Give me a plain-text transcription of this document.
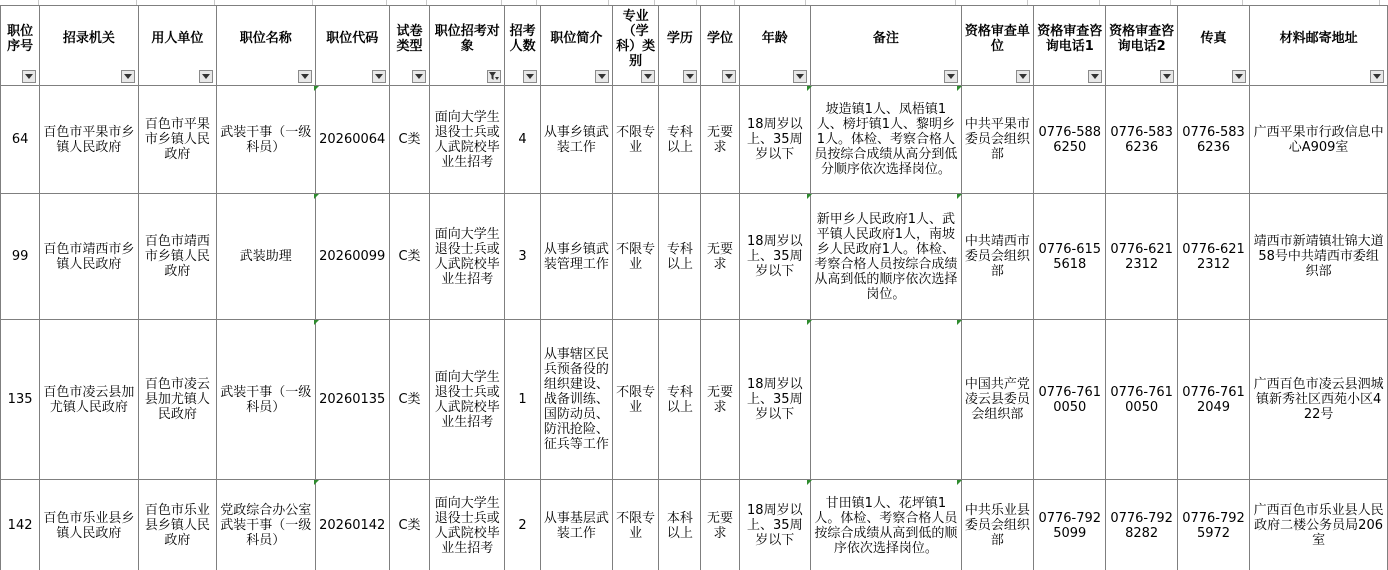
职位序号	招录机关	用人单位	职位名称	职位代码	试卷类型	职位招考对象	招考人数	职位简介	专业（学科）类别	学历	学位	年龄	备注	资格审查单位	资格审查咨询电话1	资格审查咨询电话2	传真	材料邮寄地址

64	百色市平果市乡镇人民政府	百色市平果市乡镇人民政府	武装干事（一级科员）	20260064	C类	面向大学生退役士兵或人武院校毕业生招考	4	从事乡镇武装工作	不限专业	专科以上	无要求	18周岁以上、35周岁以下	坡造镇1人、凤梧镇1人、榜圩镇1人、黎明乡1人。体检、考察合格人员按综合成绩从高分到低分顺序依次选择岗位。	中共平果市委员会组织部	0776-5886250	0776-5836236	0776-5836236	广西平果市行政信息中心A909室

99	百色市靖西市乡镇人民政府	百色市靖西市乡镇人民政府	武装助理	20260099	C类	面向大学生退役士兵或人武院校毕业生招考	3	从事乡镇武装管理工作	不限专业	专科以上	无要求	18周岁以上、35周岁以下	新甲乡人民政府1人、武平镇人民政府1人，南坡乡人民政府1人。体检、考察合格人员按综合成绩从高到低的顺序依次选择岗位。	中共靖西市委员会组织部	0776-6155618	0776-6212312	0776-6212312	靖西市新靖镇壮锦大道58号中共靖西市委组织部

135	百色市凌云县加尤镇人民政府	百色市凌云县加尤镇人民政府	武装干事（一级科员）	20260135	C类	面向大学生退役士兵或人武院校毕业生招考	1	从事辖区民兵预备役的组织建设、战备训练、国防动员、防汛抢险、征兵等工作	不限专业	专科以上	无要求	18周岁以上、35周岁以下		中国共产党凌云县委员会组织部	0776-7610050	0776-7610050	0776-7612049	广西百色市凌云县泗城镇新秀社区西苑小区422号

142	百色市乐业县乡镇人民政府	百色市乐业县乡镇人民政府	党政综合办公室武装干事（一级科员）	20260142	C类	面向大学生退役士兵或人武院校毕业生招考	2	从事基层武装工作	不限专业	本科以上	无要求	18周岁以上、35周岁以下	甘田镇1人、花坪镇1人。体检、考察合格人员按综合成绩从高到低的顺序依次选择岗位。	中共乐业县委员会组织部	0776-7925099	0776-7928282	0776-7925972	广西百色市乐业县人民政府二楼公务员局206室
